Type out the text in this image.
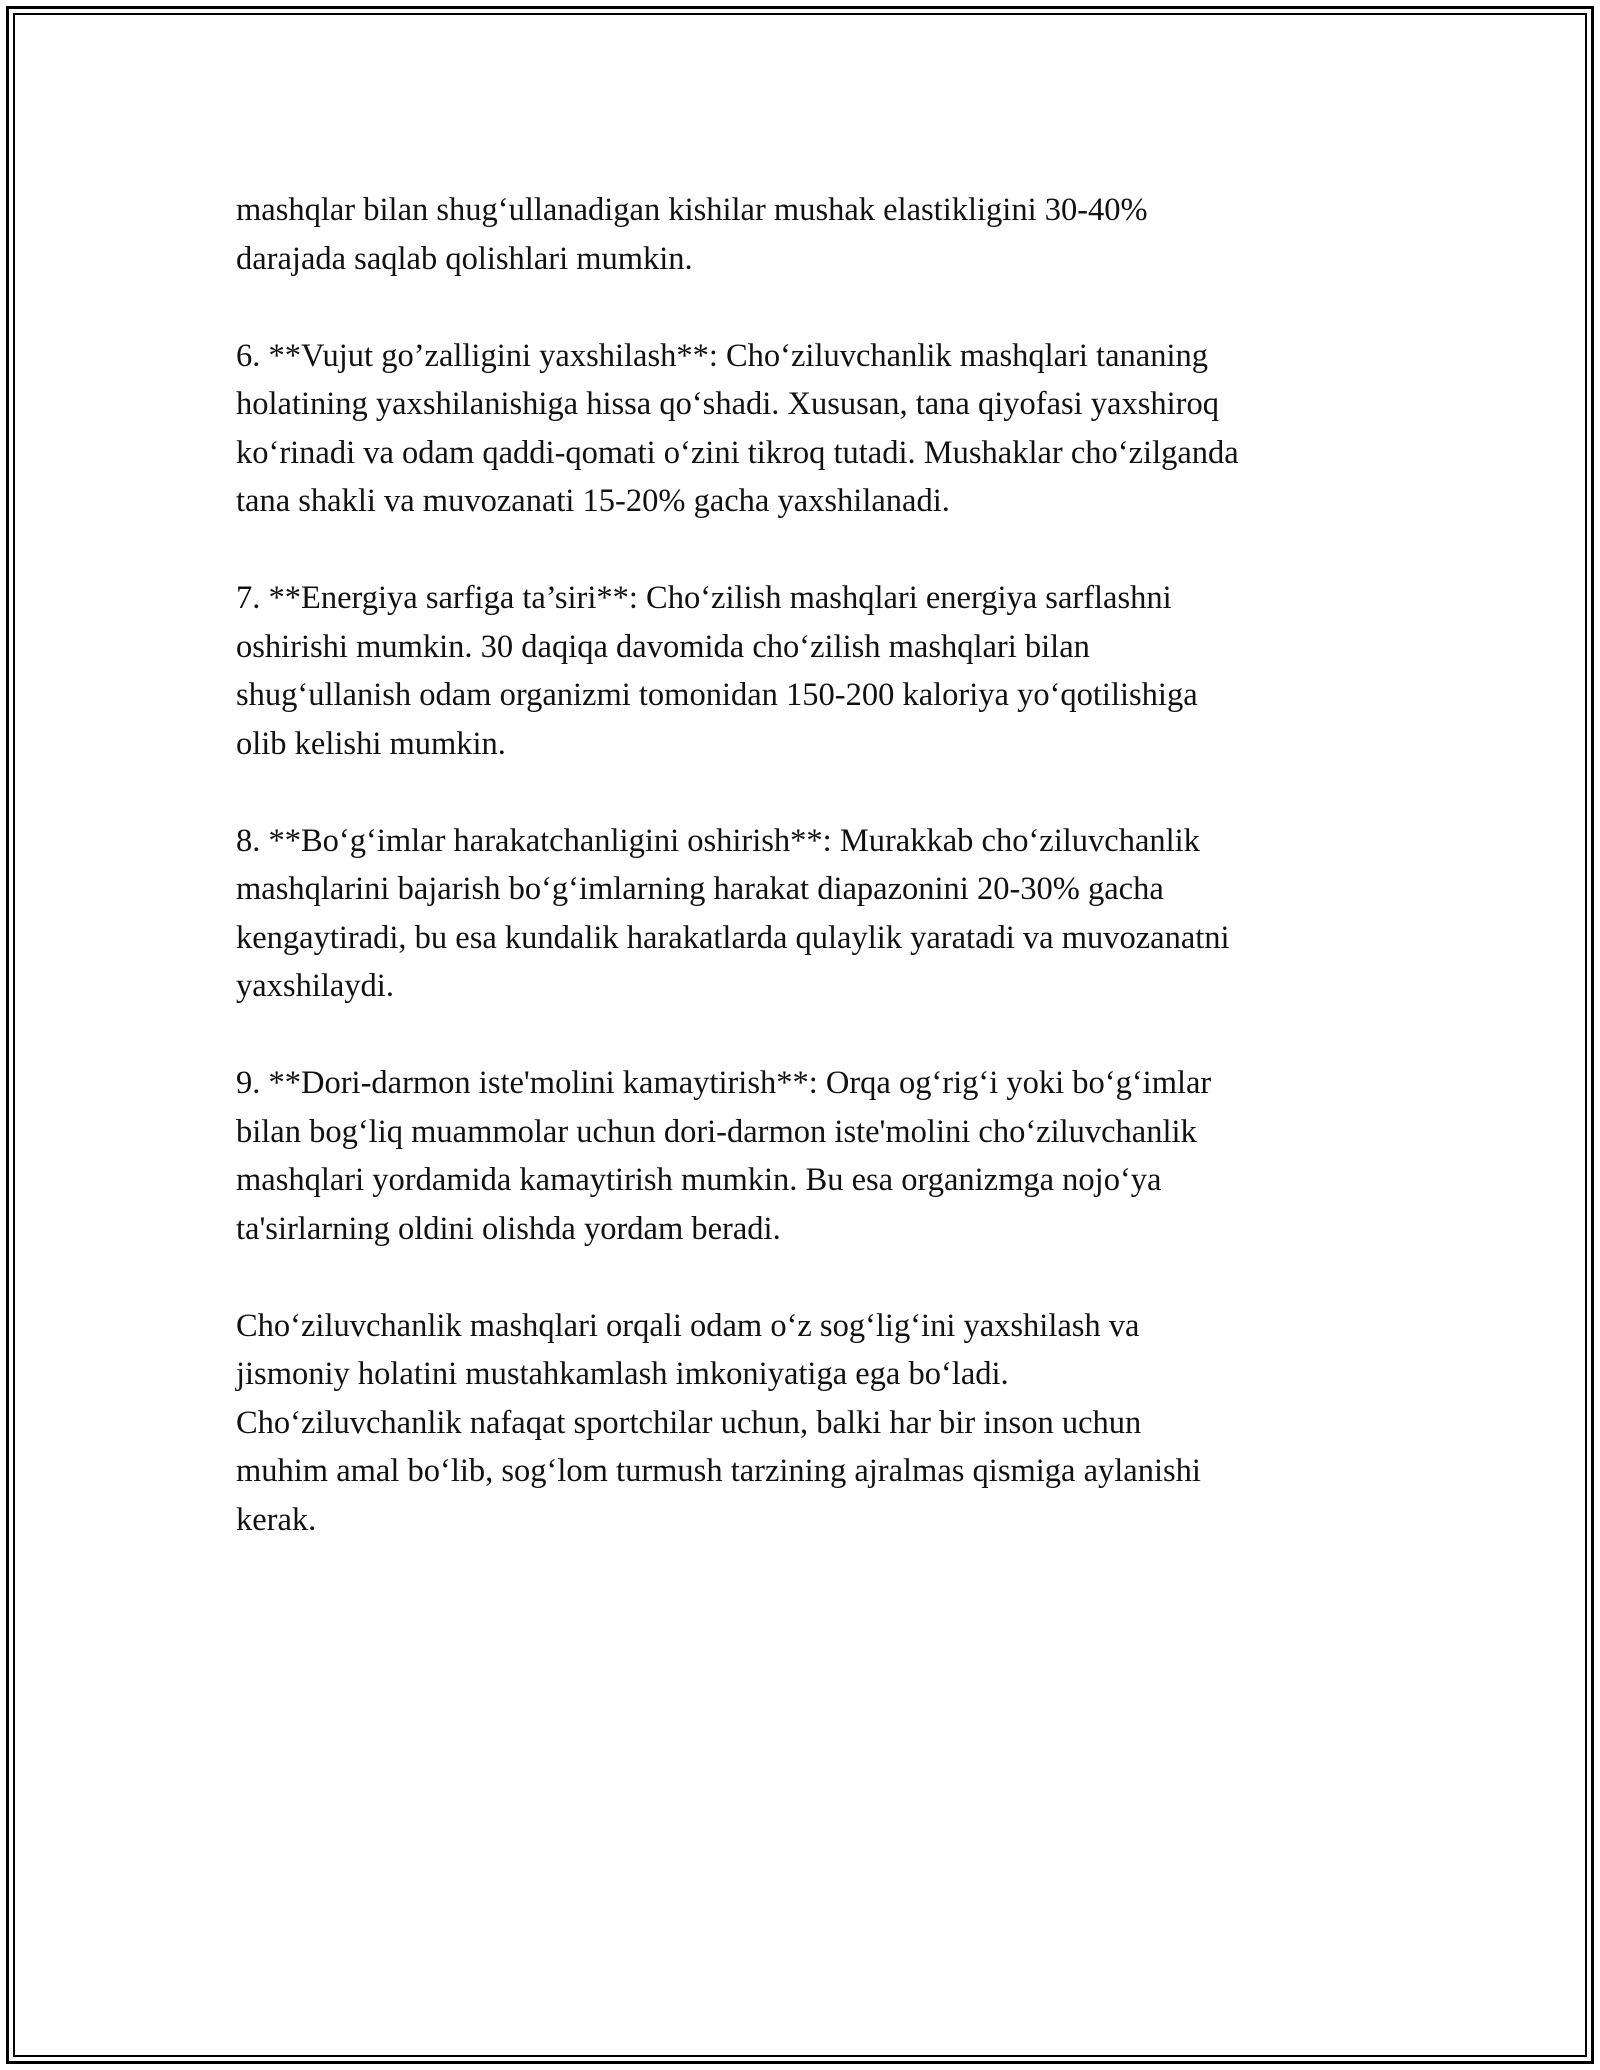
mashqlar bilan shug‘ullanadigan kishilar mushak elastikligini 30-40%
darajada saqlab qolishlari mumkin.

6. **Vujut go’zalligini yaxshilash**: Cho‘ziluvchanlik mashqlari tananing
holatining yaxshilanishiga hissa qo‘shadi. Xususan, tana qiyofasi yaxshiroq
ko‘rinadi va odam qaddi-qomati o‘zini tikroq tutadi. Mushaklar cho‘zilganda
tana shakli va muvozanati 15-20% gacha yaxshilanadi.

7. **Energiya sarfiga ta’siri**: Cho‘zilish mashqlari energiya sarflashni
oshirishi mumkin. 30 daqiqa davomida cho‘zilish mashqlari bilan
shug‘ullanish odam organizmi tomonidan 150-200 kaloriya yo‘qotilishiga
olib kelishi mumkin.

8. **Bo‘g‘imlar harakatchanligini oshirish**: Murakkab cho‘ziluvchanlik
mashqlarini bajarish bo‘g‘imlarning harakat diapazonini 20-30% gacha
kengaytiradi, bu esa kundalik harakatlarda qulaylik yaratadi va muvozanatni
yaxshilaydi.

9. **Dori-darmon iste'molini kamaytirish**: Orqa og‘rig‘i yoki bo‘g‘imlar
bilan bog‘liq muammolar uchun dori-darmon iste'molini cho‘ziluvchanlik
mashqlari yordamida kamaytirish mumkin. Bu esa organizmga nojo‘ya
ta'sirlarning oldini olishda yordam beradi.

Cho‘ziluvchanlik mashqlari orqali odam o‘z sog‘lig‘ini yaxshilash va
jismoniy holatini mustahkamlash imkoniyatiga ega bo‘ladi.
Cho‘ziluvchanlik nafaqat sportchilar uchun, balki har bir inson uchun
muhim amal bo‘lib, sog‘lom turmush tarzining ajralmas qismiga aylanishi
kerak.
